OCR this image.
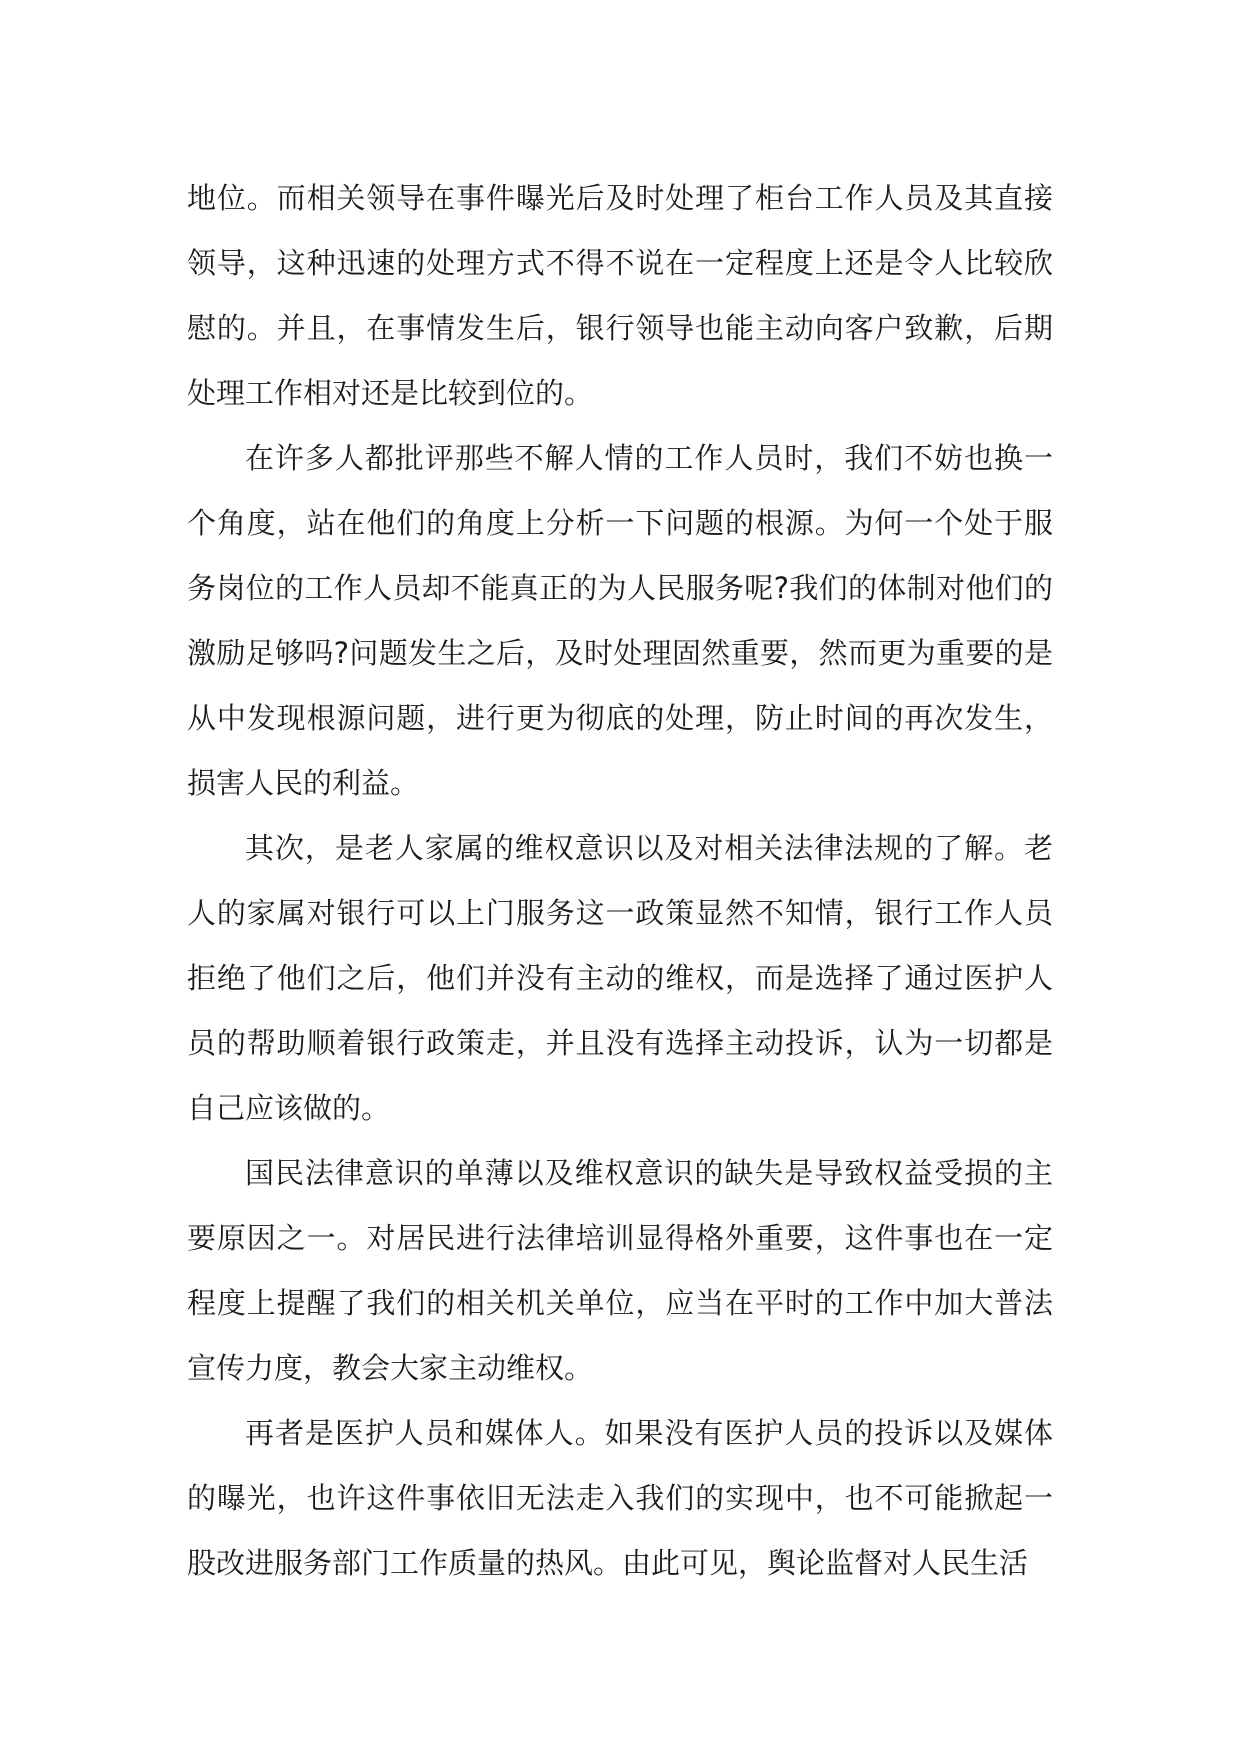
地位。而相关领导在事件曝光后及时处理了柜台工作人员及其直接领导，这种迅速的处理方式不得不说在一定程度上还是令人比较欣慰的。并且，在事情发生后，银行领导也能主动向客户致歉，后期处理工作相对还是比较到位的。

在许多人都批评那些不解人情的工作人员时，我们不妨也换一个角度，站在他们的角度上分析一下问题的根源。为何一个处于服务岗位的工作人员却不能真正的为人民服务呢?我们的体制对他们的激励足够吗?问题发生之后，及时处理固然重要，然而更为重要的是从中发现根源问题，进行更为彻底的处理，防止时间的再次发生，损害人民的利益。

其次，是老人家属的维权意识以及对相关法律法规的了解。老人的家属对银行可以上门服务这一政策显然不知情，银行工作人员拒绝了他们之后，他们并没有主动的维权，而是选择了通过医护人员的帮助顺着银行政策走，并且没有选择主动投诉，认为一切都是自己应该做的。

国民法律意识的单薄以及维权意识的缺失是导致权益受损的主要原因之一。对居民进行法律培训显得格外重要，这件事也在一定程度上提醒了我们的相关机关单位，应当在平时的工作中加大普法宣传力度，教会大家主动维权。

再者是医护人员和媒体人。如果没有医护人员的投诉以及媒体的曝光，也许这件事依旧无法走入我们的实现中，也不可能掀起一股改进服务部门工作质量的热风。由此可见，舆论监督对人民生活
